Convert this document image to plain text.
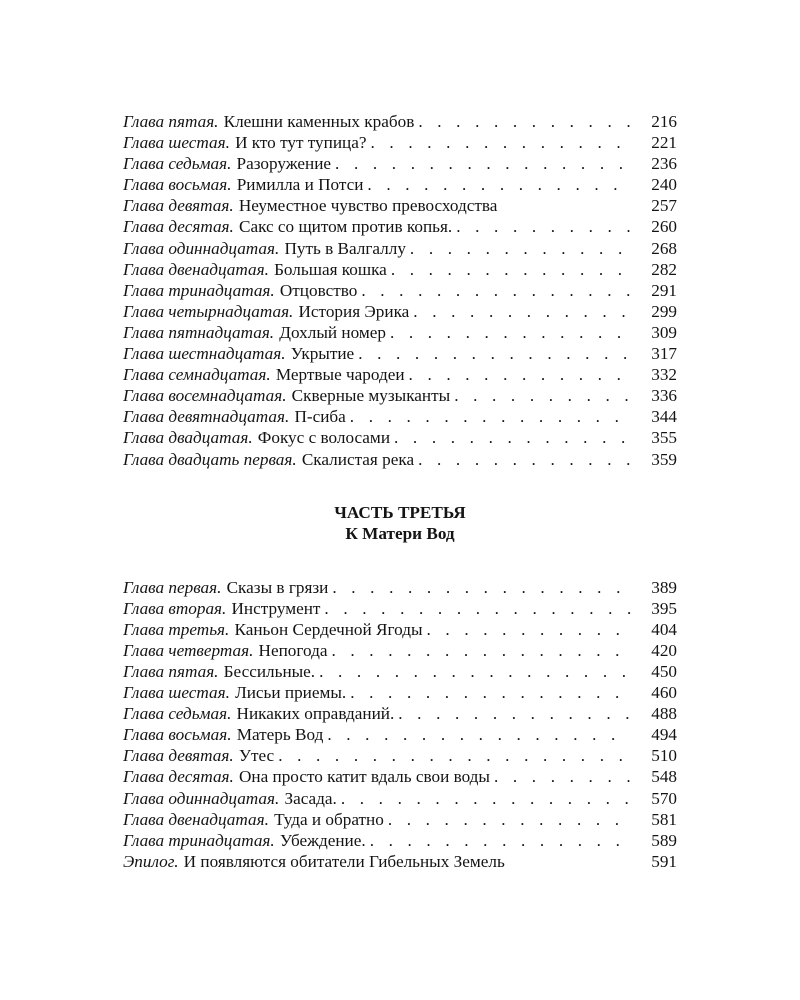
Глава пятая. Клешни каменных крабов . . .	216
Глава шестая. И кто тут тупица? . . .	221
Глава седьмая. Разоружение . . .	236
Глава восьмая. Римилла и Потси . . .	240
Глава девятая. Неуместное чувство превосходства	257
Глава десятая. Сакс со щитом против копья. . . .	260
Глава одиннадцатая. Путь в Валгаллу . . .	268
Глава двенадцатая. Большая кошка . . .	282
Глава тринадцатая. Отцовство . . .	291
Глава четырнадцатая. История Эрика . . .	299
Глава пятнадцатая. Дохлый номер . . .	309
Глава шестнадцатая. Укрытие . . .	317
Глава семнадцатая. Мертвые чародеи . . .	332
Глава восемнадцатая. Скверные музыканты . . .	336
Глава девятнадцатая. П-сиба . . .	344
Глава двадцатая. Фокус с волосами . . .	355
Глава двадцать первая. Скалистая река . . .	359

ЧАСТЬ ТРЕТЬЯ

К Матери Вод

Глава первая. Сказы в грязи . . .	389
Глава вторая. Инструмент . . .	395
Глава третья. Каньон Сердечной Ягоды . . .	404
Глава четвертая. Непогода . . .	420
Глава пятая. Бессильные. . . .	450
Глава шестая. Лисьи приемы. . . .	460
Глава седьмая. Никаких оправданий. . . .	488
Глава восьмая. Матерь Вод . . .	494
Глава девятая. Утес . . .	510
Глава десятая. Она просто катит вдаль свои воды . . .	548
Глава одиннадцатая. Засада. . . .	570
Глава двенадцатая. Туда и обратно . . .	581
Глава тринадцатая. Убеждение. . . .	589
Эпилог. И появляются обитатели Гибельных Земель	591
